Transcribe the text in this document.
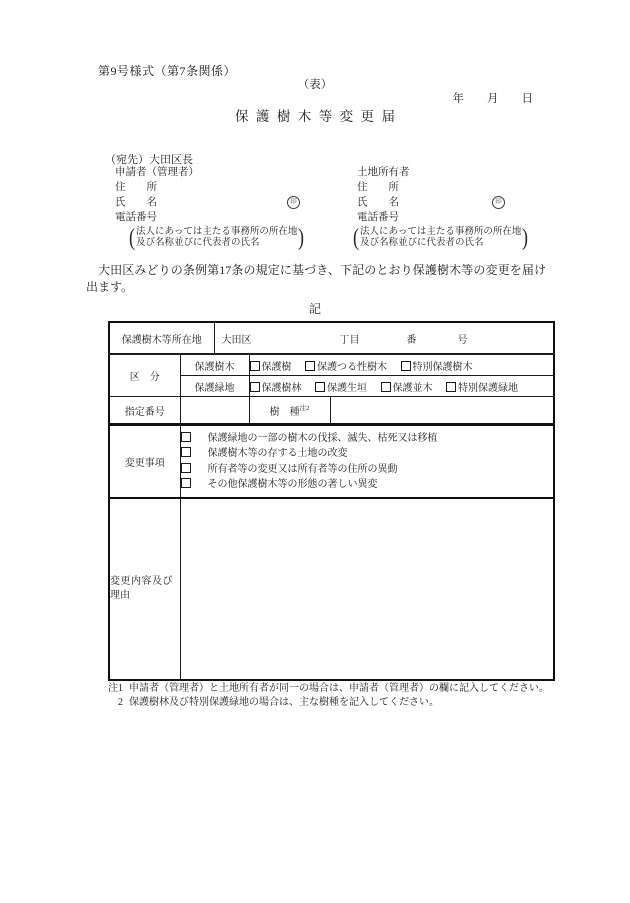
第9号様式（第7条関係）
（表）
年　　月　　日
保護樹木等変更届
（宛先）大田区長
申請者（管理者）
住　　所
氏　　名	印
電話番号
( 法人にあっては主たる事務所の所在地
及び名称並びに代表者の氏名	)
土地所有者
住　　所
氏　　名	印
電話番号
( 法人にあっては主たる事務所の所在地
及び名称並びに代表者の氏名	)
大田区みどりの条例第17条の規定に基づき、下記のとおり保護樹木等の変更を届け出ます。
記
保護樹木等所在地		大田区 丁目 番 号		

区　分	保護樹木		保護樹 保護つる性樹木 特別保護樹木	
	保護緑地		保護樹林 保護生垣 保護並木 特別保護緑地	
指定番号			樹　種$^{注2}$	
変更事項	保護緑地の一部の樹木の伐採、滅失、枯死又は移植
保護樹木等の存する土地の改変
所有者等の変更又は所有者等の住所の異動
その他保護樹木等の形態の著しい異変			

変更内容及び
理由				
注1 申請者（管理者）と土地所有者が同一の場合は、申請者（管理者）の欄に記入してください。
　2 保護樹林及び特別保護緑地の場合は、主な樹種を記入してください。
